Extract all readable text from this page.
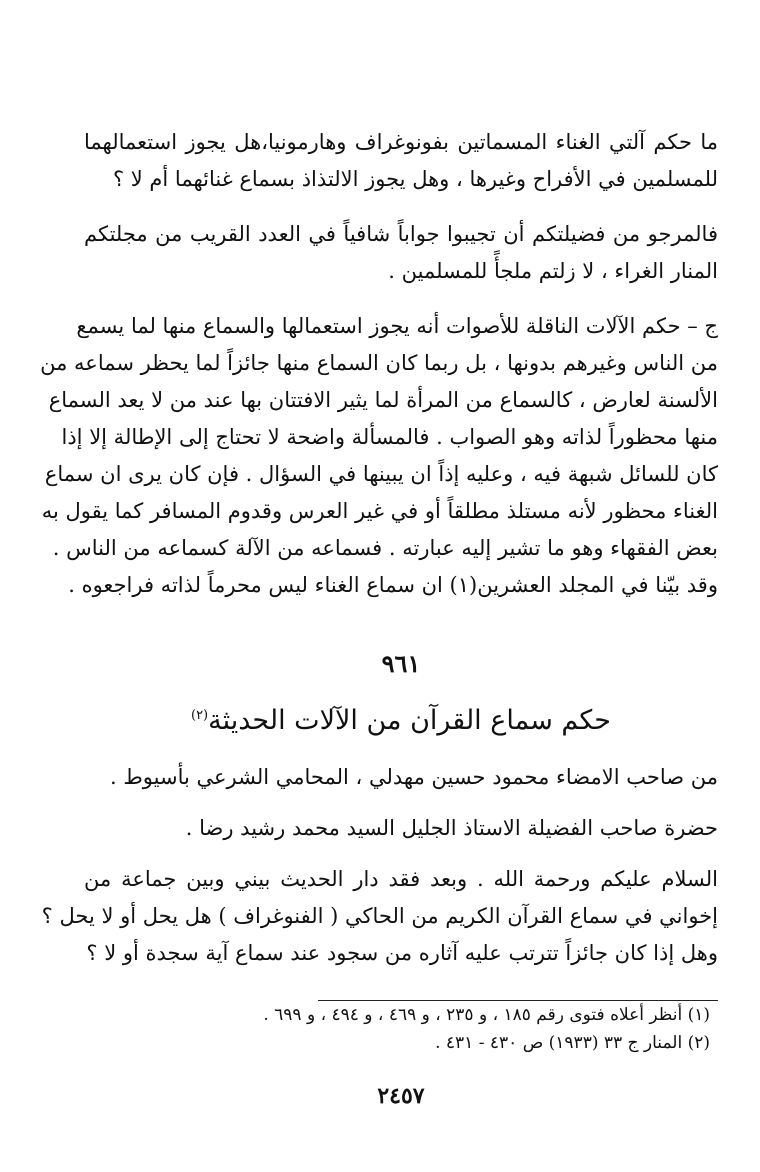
ما حكم آلتي الغناء المسماتين بفونوغراف وهارمونيا،هل يجوز استعمالهما
للمسلمين في الأفراح وغيرها ، وهل يجوز الالتذاذ بسماع غنائهما أم لا ؟
فالمرجو من فضيلتكم أن تجيبوا جواباً شافياً في العدد القريب من مجلتكم
المنار الغراء ، لا زلتم ملجأً للمسلمين .
ج – حكم الآلات الناقلة للأصوات أنه يجوز استعمالها والسماع منها لما يسمع
من الناس وغيرهم بدونها ، بل ربما كان السماع منها جائزاً لما يحظر سماعه من
الألسنة لعارض ، كالسماع من المرأة لما يثير الافتتان بها عند من لا يعد السماع
منها محظوراً لذاته وهو الصواب . فالمسألة واضحة لا تحتاج إلى الإطالة إلا إذا
كان للسائل شبهة فيه ، وعليه إذاً ان يبينها في السؤال . فإن كان يرى ان سماع
الغناء محظور لأنه مستلذ مطلقاً أو في غير العرس وقدوم المسافر كما يقول به
بعض الفقهاء وهو ما تشير إليه عبارته . فسماعه من الآلة كسماعه من الناس .
وقد بيّنا في المجلد العشرين(١) ان سماع الغناء ليس محرماً لذاته فراجعوه .
٩٦١
حكم سماع القرآن من الآلات الحديثة$^{(٢)}$
من صاحب الامضاء محمود حسين مهدلي ، المحامي الشرعي بأسيوط .
حضرة صاحب الفضيلة الاستاذ الجليل السيد محمد رشيد رضا .
السلام عليكم ورحمة الله . وبعد فقد دار الحديث بيني وبين جماعة من
إخواني في سماع القرآن الكريم من الحاكي ( الفنوغراف ) هل يحل أو لا يحل ؟
وهل إذا كان جائزاً تترتب عليه آثاره من سجود عند سماع آية سجدة أو لا ؟
(١) أنظر أعلاه فتوى رقم ١٨٥ ، و ٢٣٥ ، و ٤٦٩ ، و ٤٩٤ ، و ٦٩٩ .
(٢) المنار ج ٣٣ (١٩٣٣) ص ٤٣٠ - ٤٣١ .
٢٤٥٧
